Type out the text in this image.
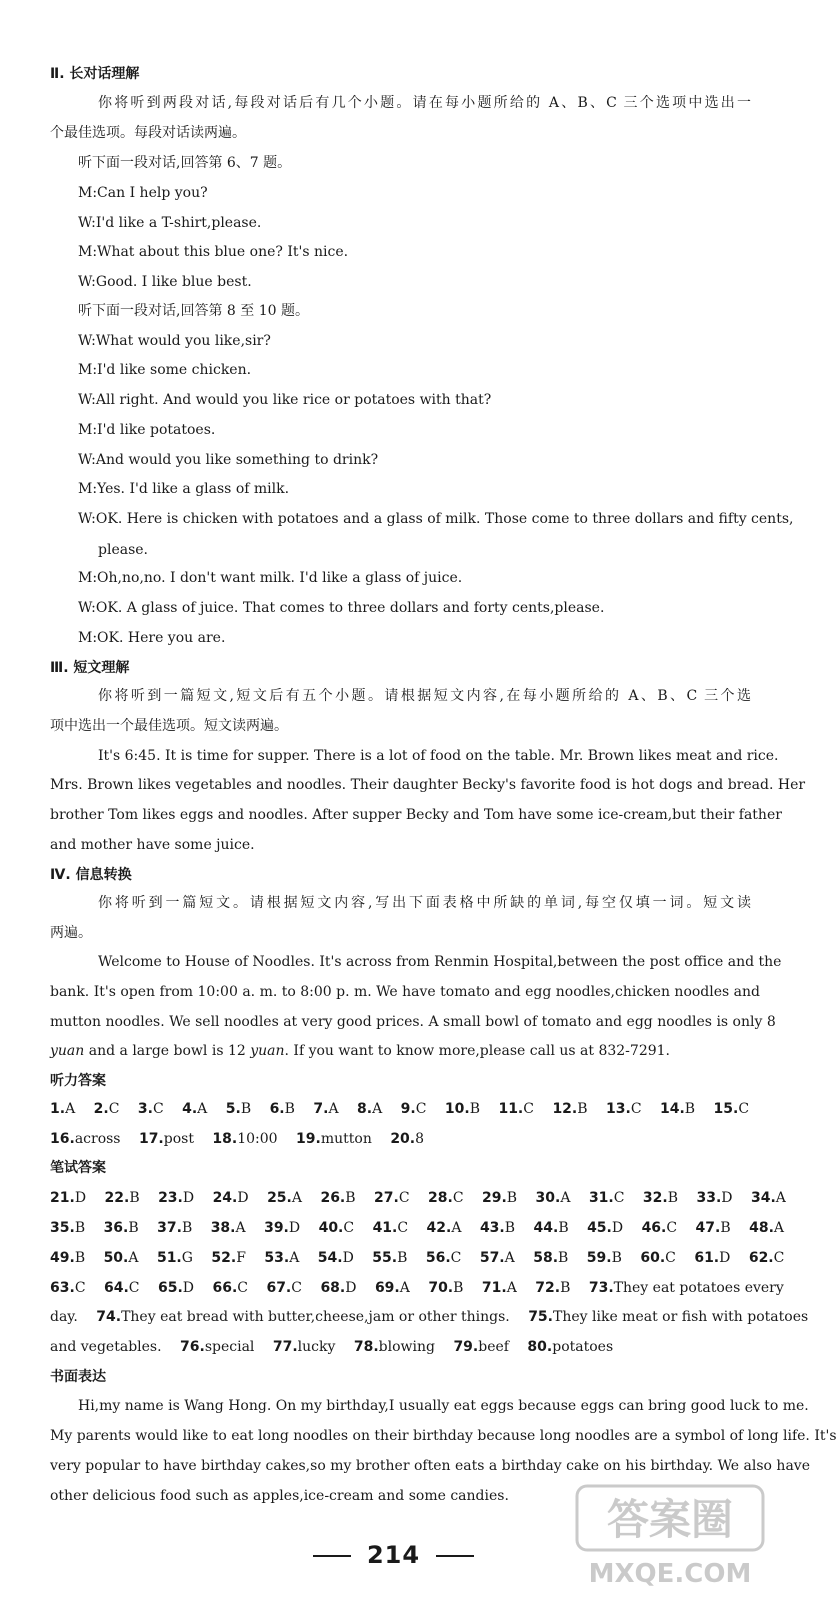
Ⅱ. 长对话理解
你将听到两段对话,每段对话后有几个小题。请在每小题所给的 A、B、C 三个选项中选出一
个最佳选项。每段对话读两遍。
听下面一段对话,回答第 6、7 题。
M:Can I help you?
W:I'd like a T-shirt,please.
M:What about this blue one? It's nice.
W:Good. I like blue best.
听下面一段对话,回答第 8 至 10 题。
W:What would you like,sir?
M:I'd like some chicken.
W:All right. And would you like rice or potatoes with that?
M:I'd like potatoes.
W:And would you like something to drink?
M:Yes. I'd like a glass of milk.
W:OK. Here is chicken with potatoes and a glass of milk. Those come to three dollars and fifty cents,
please.
M:Oh,no,no. I don't want milk. I'd like a glass of juice.
W:OK. A glass of juice. That comes to three dollars and forty cents,please.
M:OK. Here you are.
Ⅲ. 短文理解
你将听到一篇短文,短文后有五个小题。请根据短文内容,在每小题所给的 A、B、C 三个选
项中选出一个最佳选项。短文读两遍。
It's 6:45. It is time for supper. There is a lot of food on the table. Mr. Brown likes meat and rice.
Mrs. Brown likes vegetables and noodles. Their daughter Becky's favorite food is hot dogs and bread. Her
brother Tom likes eggs and noodles. After supper Becky and Tom have some ice-cream,but their father
and mother have some juice.
Ⅳ. 信息转换
你将听到一篇短文。请根据短文内容,写出下面表格中所缺的单词,每空仅填一词。短文读
两遍。
Welcome to House of Noodles. It's across from Renmin Hospital,between the post office and the
bank. It's open from 10:00 a. m. to 8:00 p. m. We have tomato and egg noodles,chicken noodles and
mutton noodles. We sell noodles at very good prices. A small bowl of tomato and egg noodles is only 8
yuan and a large bowl is 12 yuan. If you want to know more,please call us at 832-7291.
听力答案
1.A 2.C 3.C 4.A 5.B 6.B 7.A 8.A 9.C 10.B 11.C 12.B 13.C 14.B 15.C
16.across 17.post 18.10:00 19.mutton 20.8
笔试答案
21.D 22.B 23.D 24.D 25.A 26.B 27.C 28.C 29.B 30.A 31.C 32.B 33.D 34.A
35.B 36.B 37.B 38.A 39.D 40.C 41.C 42.A 43.B 44.B 45.D 46.C 47.B 48.A
49.B 50.A 51.G 52.F 53.A 54.D 55.B 56.C 57.A 58.B 59.B 60.C 61.D 62.C
63.C 64.C 65.D 66.C 67.C 68.D 69.A 70.B 71.A 72.B 73.They eat potatoes every
day. 74.They eat bread with butter,cheese,jam or other things. 75.They like meat or fish with potatoes
and vegetables. 76.special 77.lucky 78.blowing 79.beef 80.potatoes
书面表达
Hi,my name is Wang Hong. On my birthday,I usually eat eggs because eggs can bring good luck to me.
My parents would like to eat long noodles on their birthday because long noodles are a symbol of long life. It's
very popular to have birthday cakes,so my brother often eats a birthday cake on his birthday. We also have
other delicious food such as apples,ice-cream and some candies.
214
答案圈
MXQE.COM
